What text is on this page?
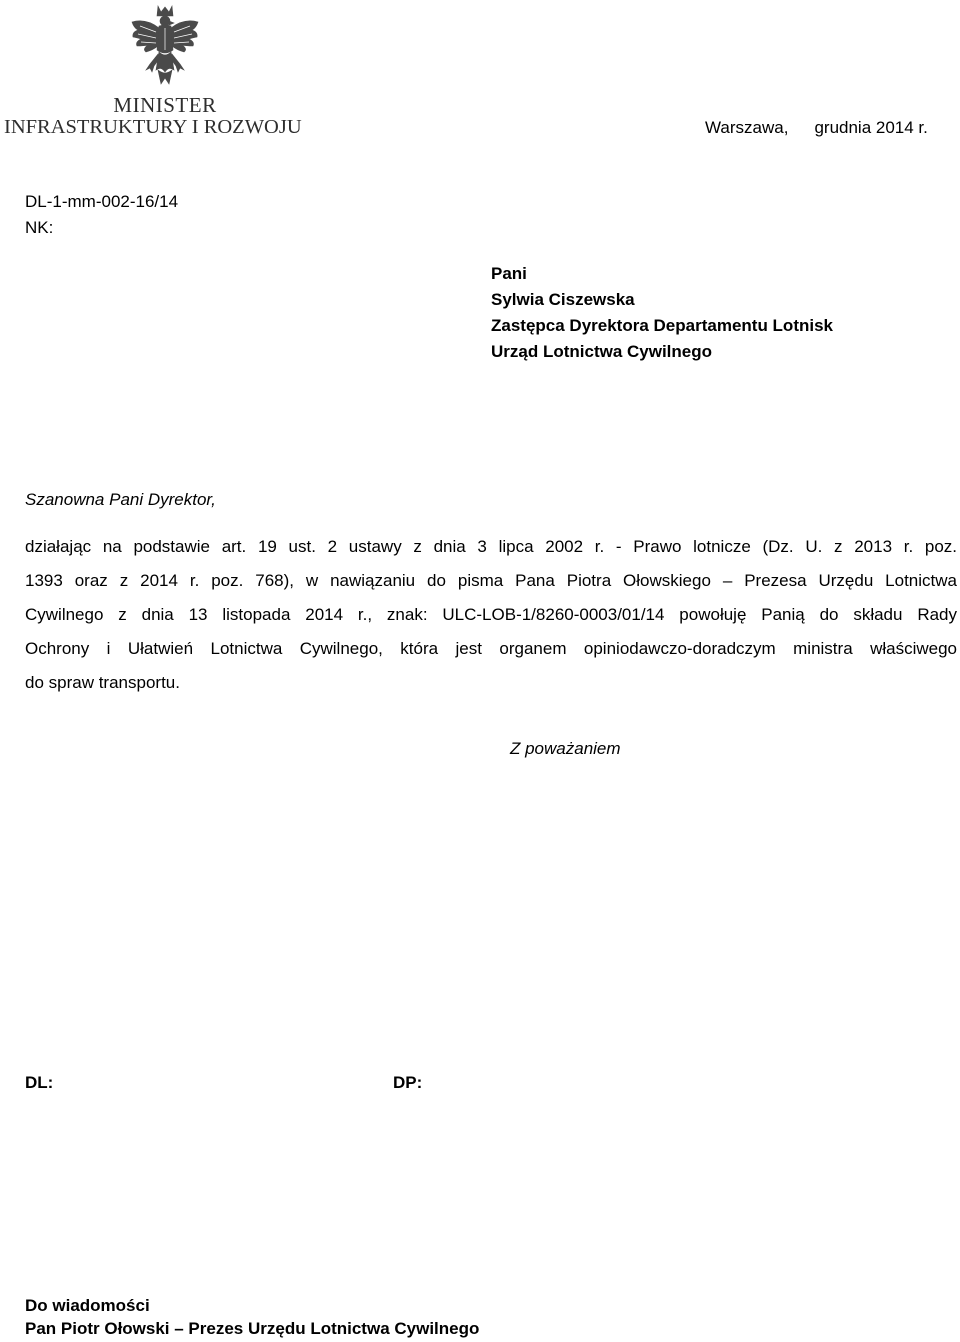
MINISTER
INFRASTRUKTURY I ROZWOJU	Warszawa, grudnia 2014 r.
DL-1-mm-002-16/14
NK:
Pani
Sylwia Ciszewska
Zastępca Dyrektora Departamentu Lotnisk
Urząd Lotnictwa Cywilnego
Szanowna Pani Dyrektor,
działając na podstawie art. 19 ust. 2 ustawy z dnia 3 lipca 2002 r. - Prawo lotnicze (Dz. U. z 2013 r. poz.
1393 oraz z 2014 r. poz. 768), w nawiązaniu do pisma Pana Piotra Ołowskiego – Prezesa Urzędu Lotnictwa
Cywilnego z dnia 13 listopada 2014 r., znak: ULC-LOB-1/8260-0003/01/14 powołuję Panią do składu Rady
Ochrony i Ułatwień Lotnictwa Cywilnego, która jest organem opiniodawczo-doradczym ministra właściwego
do spraw transportu.
Z poważaniem
DL:	DP:
Do wiadomości
Pan Piotr Ołowski – Prezes Urzędu Lotnictwa Cywilnego
